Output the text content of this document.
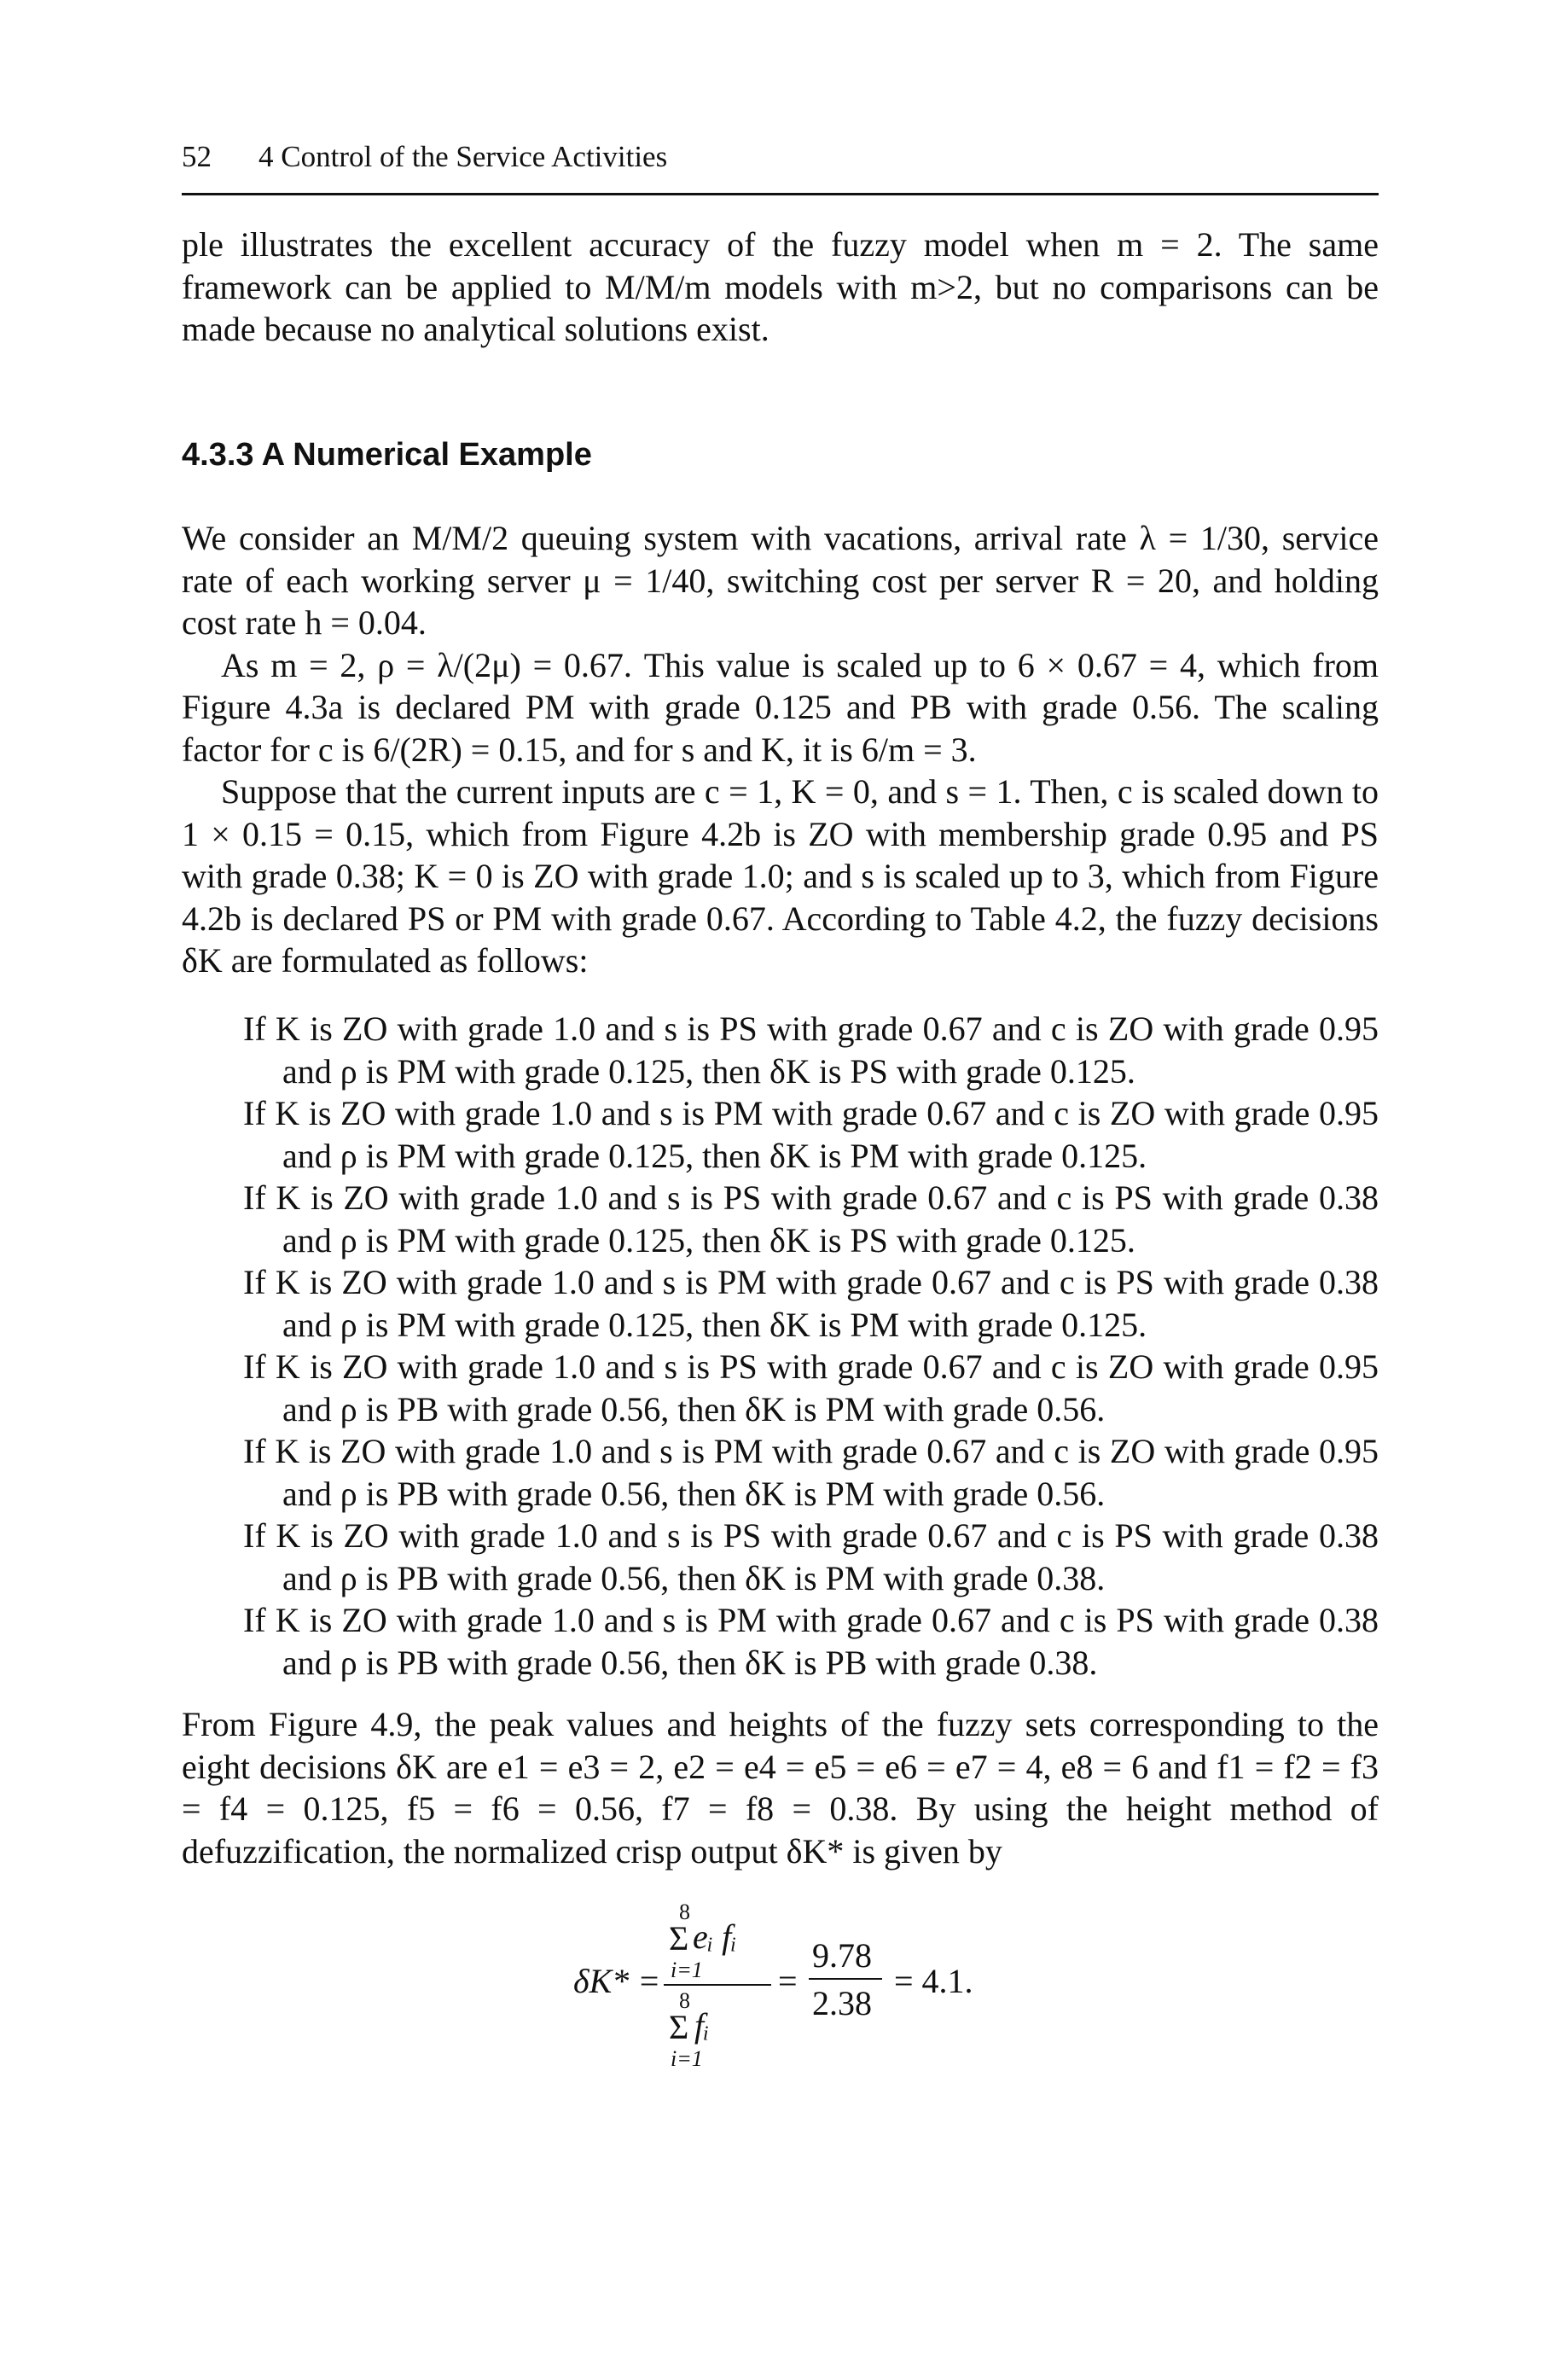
52 4 Control of the Service Activities

ple illustrates the excellent accuracy of the fuzzy model when m = 2. The same framework can be applied to M/M/m models with m>2, but no comparisons can be made because no analytical solutions exist.

4.3.3 A Numerical Example

We consider an M/M/2 queuing system with vacations, arrival rate λ = 1/30, service rate of each working server μ = 1/40, switching cost per server R = 20, and holding cost rate h = 0.04.

As m = 2, ρ = λ/(2μ) = 0.67. This value is scaled up to 6 × 0.67 = 4, which from Figure 4.3a is declared PM with grade 0.125 and PB with grade 0.56. The scaling factor for c is 6/(2R) = 0.15, and for s and K, it is 6/m = 3.

Suppose that the current inputs are c = 1, K = 0, and s = 1. Then, c is scaled down to 1 × 0.15 = 0.15, which from Figure 4.2b is ZO with membership grade 0.95 and PS with grade 0.38; K = 0 is ZO with grade 1.0; and s is scaled up to 3, which from Figure 4.2b is declared PS or PM with grade 0.67. According to Table 4.2, the fuzzy decisions δK are formulated as follows:

If K is ZO with grade 1.0 and s is PS with grade 0.67 and c is ZO with grade 0.95 and ρ is PM with grade 0.125, then δK is PS with grade 0.125.

If K is ZO with grade 1.0 and s is PM with grade 0.67 and c is ZO with grade 0.95 and ρ is PM with grade 0.125, then δK is PM with grade 0.125.

If K is ZO with grade 1.0 and s is PS with grade 0.67 and c is PS with grade 0.38 and ρ is PM with grade 0.125, then δK is PS with grade 0.125.

If K is ZO with grade 1.0 and s is PM with grade 0.67 and c is PS with grade 0.38 and ρ is PM with grade 0.125, then δK is PM with grade 0.125.

If K is ZO with grade 1.0 and s is PS with grade 0.67 and c is ZO with grade 0.95 and ρ is PB with grade 0.56, then δK is PM with grade 0.56.

If K is ZO with grade 1.0 and s is PM with grade 0.67 and c is ZO with grade 0.95 and ρ is PB with grade 0.56, then δK is PM with grade 0.56.

If K is ZO with grade 1.0 and s is PS with grade 0.67 and c is PS with grade 0.38 and ρ is PB with grade 0.56, then δK is PM with grade 0.38.

If K is ZO with grade 1.0 and s is PM with grade 0.67 and c is PS with grade 0.38 and ρ is PB with grade 0.56, then δK is PB with grade 0.38.

From Figure 4.9, the peak values and heights of the fuzzy sets corresponding to the eight decisions δK are e1 = e3 = 2, e2 = e4 = e5 = e6 = e7 = 4, e8 = 6 and f1 = f2 = f3 = f4 = 0.125, f5 = f6 = 0.56, f7 = f8 = 0.38. By using the height method of defuzzification, the normalized crisp output δK* is given by

δK* =
8
Σ eᵢ fᵢ
i=1
8
Σ fᵢ
i=1
=
9.78
2.38
= 4.1.
